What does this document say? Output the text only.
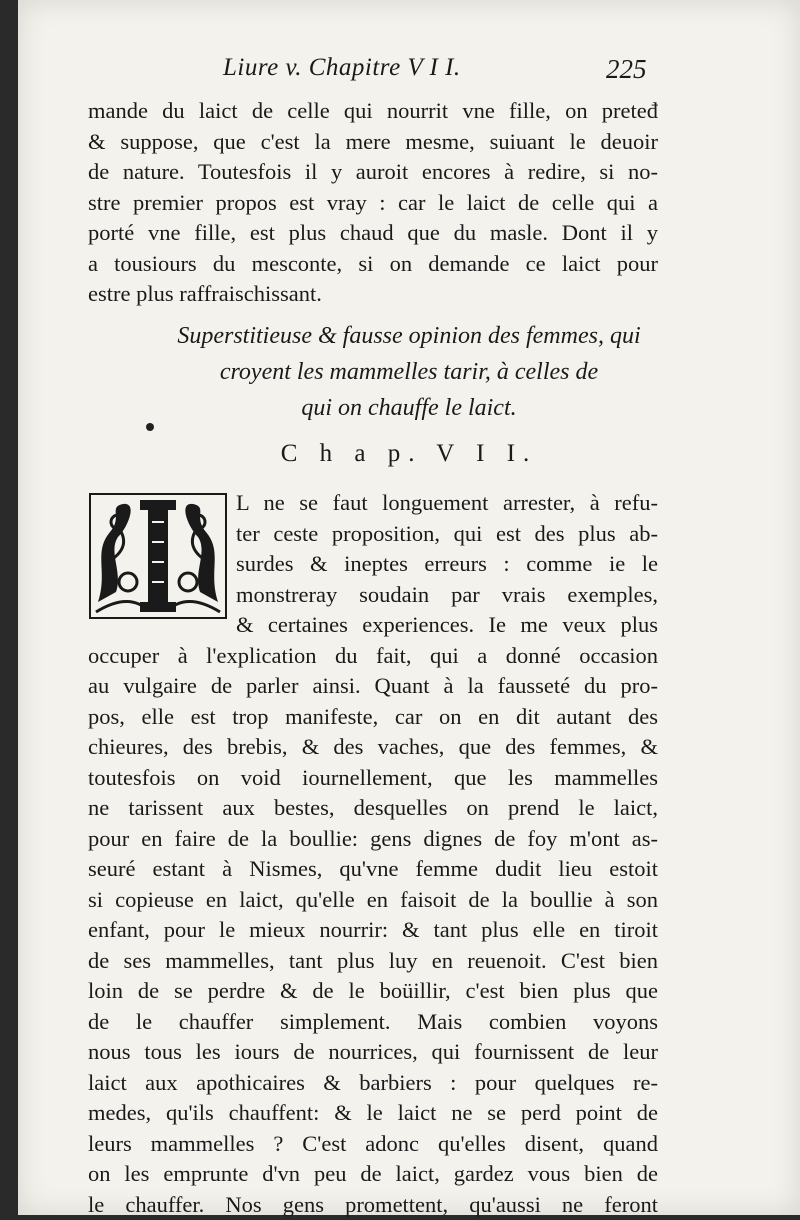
Liure v. Chapitre V I I.	225
mande du laict de celle qui nourrit vne fille, on preteđ
& suppose, que c'est la mere mesme, suiuant le deuoir
de nature. Toutesfois il y auroit encores à redire, si no-
stre premier propos est vray : car le laict de celle qui a
porté vne fille, est plus chaud que du masle. Dont il y
a tousiours du mesconte, si on demande ce laict pour
estre plus raffraischissant.
Superstitieuse & fausse opinion des femmes, qui
croyent les mammelles tarir, à celles de
qui on chauffe le laict.
C h a p. V I I.
L ne se faut longuement arrester, à refu-
ter ceste proposition, qui est des plus ab-
surdes & ineptes erreurs : comme ie le
monstreray soudain par vrais exemples,
& certaines experiences. Ie me veux plus
occuper à l'explication du fait, qui a donné occasion
au vulgaire de parler ainsi. Quant à la fausseté du pro-
pos, elle est trop manifeste, car on en dit autant des
chieures, des brebis, & des vaches, que des femmes, &
toutesfois on void iournellement, que les mammelles
ne tarissent aux bestes, desquelles on prend le laict,
pour en faire de la boullie: gens dignes de foy m'ont as-
seuré estant à Nismes, qu'vne femme dudit lieu estoit
si copieuse en laict, qu'elle en faisoit de la boullie à son
enfant, pour le mieux nourrir: & tant plus elle en tiroit
de ses mammelles, tant plus luy en reuenoit. C'est bien
loin de se perdre & de le boüillir, c'est bien plus que
de le chauffer simplement. Mais combien voyons
nous tous les iours de nourrices, qui fournissent de leur
laict aux apothicaires & barbiers : pour quelques re-
medes, qu'ils chauffent: & le laict ne se perd point de
leurs mammelles ? C'est adonc qu'elles disent, quand
on les emprunte d'vn peu de laict, gardez vous bien de
le chauffer. Nos gens promettent, qu'aussi ne feront
